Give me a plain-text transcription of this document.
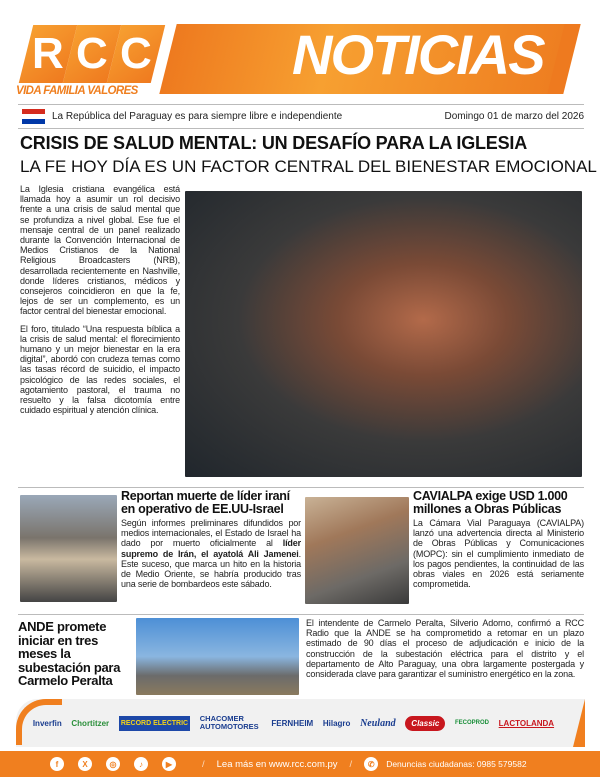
R C C
VIDA FAMILIA VALORES
NOTICIAS
La República del Paraguay es para siempre libre e independiente	Domingo 01 de marzo del 2026
CRISIS DE SALUD MENTAL: UN DESAFÍO PARA LA IGLESIA
LA FE HOY DÍA ES UN FACTOR CENTRAL DEL BIENESTAR EMOCIONAL

La Iglesia cristiana evangélica está llamada hoy a asumir un rol decisivo frente a una crisis de salud mental que se profundiza a nivel global. Ese fue el mensaje central de un panel realizado durante la Convención Internacional de Medios Cristianos de la National Religious Broadcasters (NRB), desarrollada recientemente en Nashville, donde líderes cristianos, médicos y consejeros coincidieron en que la fe, lejos de ser un complemento, es un factor central del bienestar emocional.

El foro, titulado “Una respuesta bíblica a la crisis de salud mental: el florecimiento humano y un mejor bienestar en la era digital”, abordó con crudeza temas como las tasas récord de suicidio, el impacto psicológico de las redes sociales, el agotamiento pastoral, el trauma no resuelto y la falsa dicotomía entre cuidado espiritual y atención clínica.

Reportan muerte de líder iraní en operativo de EE.UU-Israel
Según informes preliminares difundidos por medios internacionales, el Estado de Israel ha dado por muerto oficialmente al líder supremo de Irán, el ayatolá Ali Jamenei. Este suceso, que marca un hito en la historia de Medio Oriente, se habría producido tras una serie de bombardeos este sábado.
CAVIALPA exige USD 1.000 millones a Obras Públicas
La Cámara Vial Paraguaya (CAVIALPA) lanzó una advertencia directa al Ministerio de Obras Públicas y Comunicaciones (MOPC): sin el cumplimiento inmediato de los pagos pendientes, la continuidad de las obras viales en 2026 está seriamente comprometida.
ANDE promete iniciar en tres meses la subestación para Carmelo Peralta
El intendente de Carmelo Peralta, Silverio Adorno, confirmó a RCC Radio que la ANDE se ha comprometido a retomar en un plazo estimado de 90 días el proceso de adjudicación e inicio de la construcción de la subestación eléctrica para el distrito y el departamento de Alto Paraguay, una obra largamente postergada y considerada clave para garantizar el suministro energético en la zona.
Inverfin Chortitzer RECORD ELECTRIC CHACOMER AUTOMOTORES	FERNHEIM Hilagro Neuland	Classic	FECOPROD LACTOLANDA
f	X	◎	♪	▶	/ Lea más en www.rcc.com.py /	✆	Denuncias ciudadanas: 0985 579582
